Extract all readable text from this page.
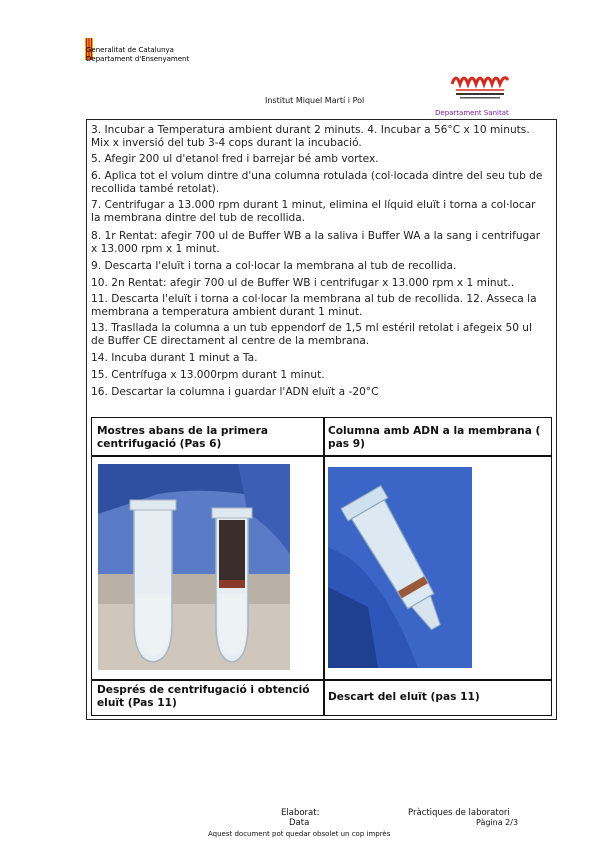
Generalitat de Catalunya
Departament d'Ensenyament
Institut Miquel Martí i Pol
Departament Sanitat
3. Incubar a Temperatura ambient durant 2 minuts. 4. Incubar a 56°C x 10 minuts. Mix x inversió del tub 3-4 cops durant la incubació.
5. Afegir 200 ul d'etanol fred i barrejar bé amb vortex.
6. Aplica tot el volum dintre d'una columna rotulada (col·locada dintre del seu tub de recollida també retolat).
7. Centrifugar a 13.000 rpm durant 1 minut, elimina el líquid eluït i torna a col·locar la membrana dintre del tub de recollida.
8. 1r Rentat: afegir 700 ul de Buffer WB a la saliva i Buffer WA a la sang i centrifugar x 13.000 rpm x 1 minut.
9. Descarta l'eluït i torna a col·locar la membrana al tub de recollida.
10. 2n Rentat: afegir 700 ul de Buffer WB i centrifugar x 13.000 rpm x 1 minut..
11. Descarta l'eluït i torna a col·locar la membrana al tub de recollida. 12. Asseca la membrana a temperatura ambient durant 1 minut.
13. Trasllada la columna a un tub eppendorf de 1,5 ml estéril retolat i afegeix 50 ul de Buffer CE directament al centre de la membrana.
14. Incuba durant 1 minut a Ta.
15. Centrífuga x 13.000rpm durant 1 minut.
16. Descartar la columna i guardar l'ADN eluït a -20°C
Mostres abans de la primera centrifugació (Pas 6)
Columna amb ADN a la membrana ( pas 9)
Després de centrifugació i obtenció eluït (Pas 11)	Descart del eluït (pas 11)
Elaborat:
Data
Pràctiques de laboratori
Pàgina 2/3
Aquest document pot quedar obsolet un cop imprès
